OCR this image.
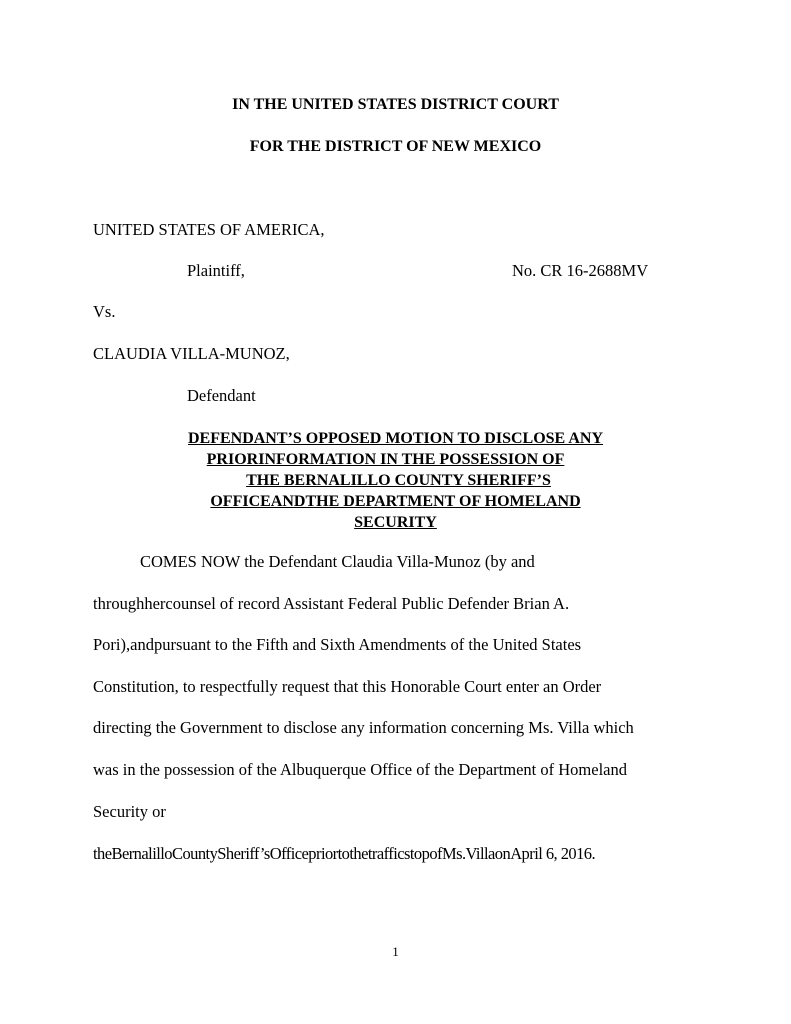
IN THE UNITED STATES DISTRICT COURT
FOR THE DISTRICT OF NEW MEXICO
UNITED STATES OF AMERICA,
Plaintiff,	No. CR 16-2688MV
Vs.
CLAUDIA VILLA-MUNOZ,
Defendant
DEFENDANT’S OPPOSED MOTION TO DISCLOSE ANY
PRIORINFORMATION IN THE POSSESSION OF
THE BERNALILLO COUNTY SHERIFF’S
OFFICEANDTHE DEPARTMENT OF HOMELAND
SECURITY
COMES NOW the Defendant Claudia Villa-Munoz (by and
throughhercounsel of record Assistant Federal Public Defender Brian A.
Pori),andpursuant to the Fifth and Sixth Amendments of the United States
Constitution, to respectfully request that this Honorable Court enter an Order
directing the Government to disclose any information concerning Ms. Villa which
was in the possession of the Albuquerque Office of the Department of Homeland
Security or
theBernalilloCountySheriff’sOfficepriortothetrafficstopofMs.VillaonApril 6, 2016.
1
